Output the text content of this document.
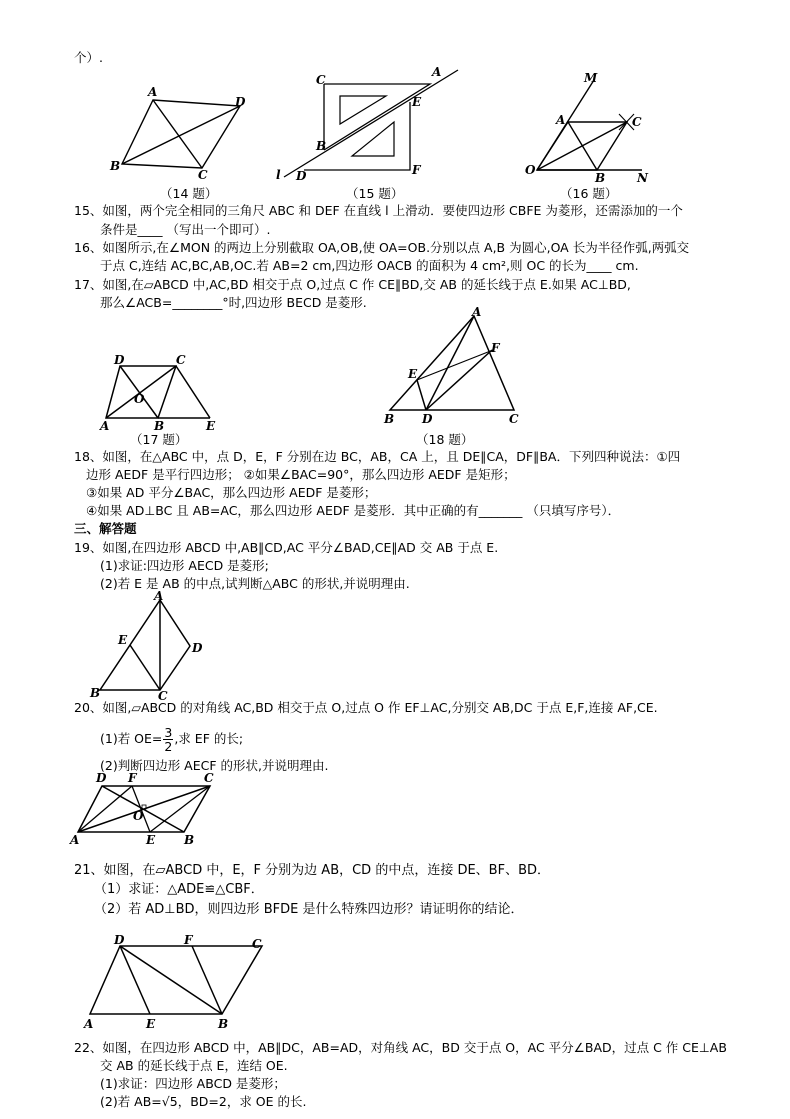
个）.
A
D
B
C
（14 题）
C
A
E
B
F
l D
（15 题）
M
A	C
O
B	N
（16 题）
15、如图，两个完全相同的三角尺 ABC 和 DEF 在直线 l 上滑动．要使四边形 CBFE 为菱形，还需添加的一个
条件是____ （写出一个即可）.
16、如图所示,在∠MON 的两边上分别截取 OA,OB,使 OA=OB.分别以点 A,B 为圆心,OA 长为半径作弧,两弧交
于点 C,连结 AC,BC,AB,OC.若 AB=2 cm,四边形 OACB 的面积为 4 cm²,则 OC 的长为____ cm.
17、如图,在▱ABCD 中,AC,BD 相交于点 O,过点 C 作 CE∥BD,交 AB 的延长线于点 E.如果 AC⊥BD,
那么∠ACB=________°时,四边形 BECD 是菱形.
D	C
O
A	B	E
（17 题）
A
E
F
B D	C
（18 题）
18、如图，在△ABC 中，点 D，E，F 分别在边 BC，AB，CA 上，且 DE∥CA，DF∥BA．下列四种说法：①四
边形 AEDF 是平行四边形； ②如果∠BAC=90°，那么四边形 AEDF 是矩形；
③如果 AD 平分∠BAC，那么四边形 AEDF 是菱形；
④如果 AD⊥BC 且 AB=AC，那么四边形 AEDF 是菱形．其中正确的有_______ （只填写序号）．
三、解答题
19、如图,在四边形 ABCD 中,AB∥CD,AC 平分∠BAD,CE∥AD 交 AB 于点 E.
(1)求证:四边形 AECD 是菱形;
(2)若 E 是 AB 的中点,试判断△ABC 的形状,并说明理由.
A
E
D
B	C
20、如图,▱ABCD 的对角线 AC,BD 相交于点 O,过点 O 作 EF⊥AC,分别交 AB,DC 于点 E,F,连接 AF,CE.
(1)若 $OE= \frac{3}{2}$ ,求 EF 的长;
(2)判断四边形 AECF 的形状,并说明理由.
D F	C
O
A	E B
21、如图，在▱ABCD 中，E，F 分别为边 AB，CD 的中点，连接 DE、BF、BD．
（1）求证：△ADE≌△CBF．
（2）若 AD⊥BD，则四边形 BFDE 是什么特殊四边形？请证明你的结论．
D	F	C
A	E	B
22、如图，在四边形 ABCD 中，AB∥DC，AB=AD，对角线 AC，BD 交于点 O，AC 平分∠BAD，过点 C 作 CE⊥AB
交 AB 的延长线于点 E，连结 OE.
(1)求证：四边形 ABCD 是菱形；
(2)若 AB=√5，BD=2，求 OE 的长.
